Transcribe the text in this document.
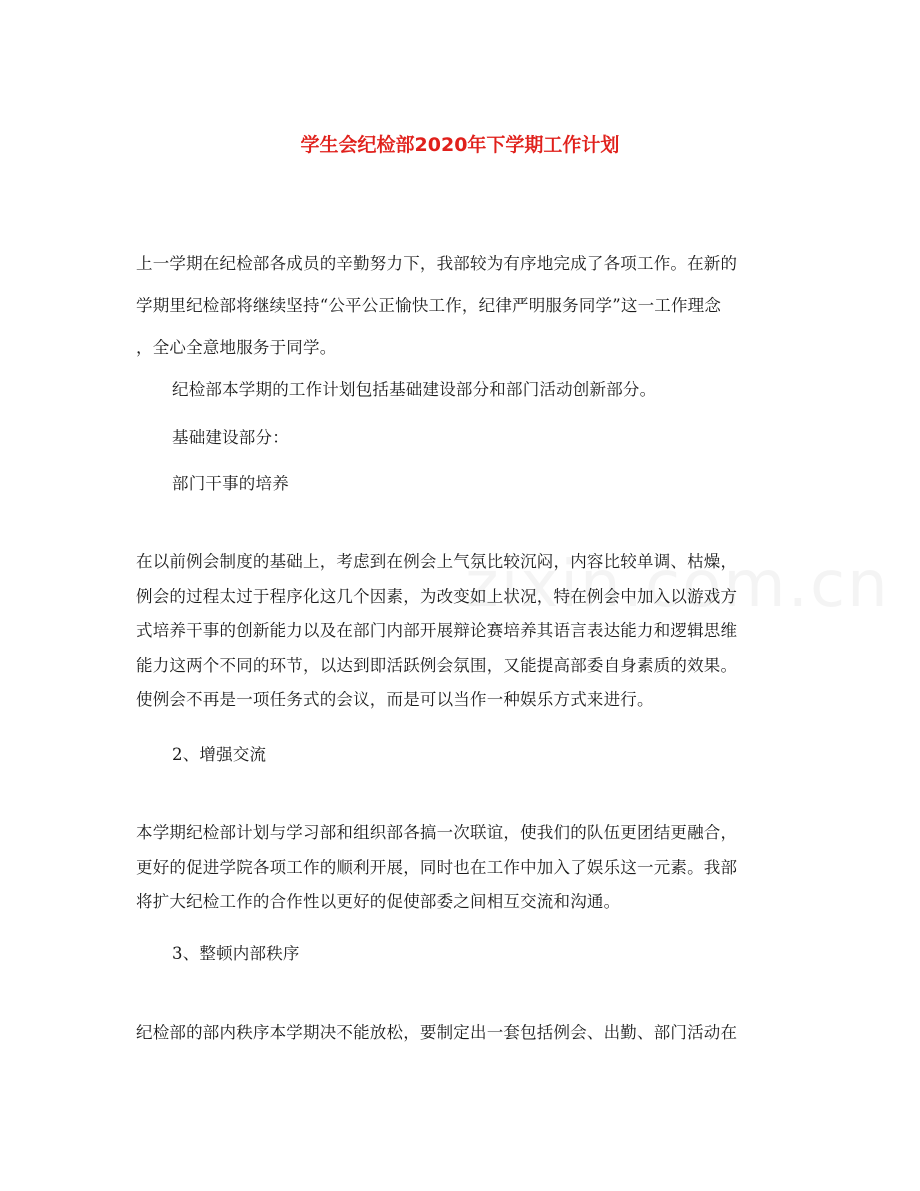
学生会纪检部2020年下学期工作计划
上一学期在纪检部各成员的辛勤努力下，我部较为有序地完成了各项工作。在新的
学期里纪检部将继续坚持“公平公正愉快工作，纪律严明服务同学”这一工作理念
，全心全意地服务于同学。
纪检部本学期的工作计划包括基础建设部分和部门活动创新部分。
基础建设部分：
部门干事的培养
在以前例会制度的基础上，考虑到在例会上气氛比较沉闷，内容比较单调、枯燥，
例会的过程太过于程序化这几个因素，为改变如上状况，特在例会中加入以游戏方
式培养干事的创新能力以及在部门内部开展辩论赛培养其语言表达能力和逻辑思维
能力这两个不同的环节，以达到即活跃例会氛围，又能提高部委自身素质的效果。
使例会不再是一项任务式的会议，而是可以当作一种娱乐方式来进行。
2、增强交流
本学期纪检部计划与学习部和组织部各搞一次联谊，使我们的队伍更团结更融合，
更好的促进学院各项工作的顺利开展，同时也在工作中加入了娱乐这一元素。我部
将扩大纪检工作的合作性以更好的促使部委之间相互交流和沟通。
3、整顿内部秩序
纪检部的部内秩序本学期决不能放松，要制定出一套包括例会、出勤、部门活动在
